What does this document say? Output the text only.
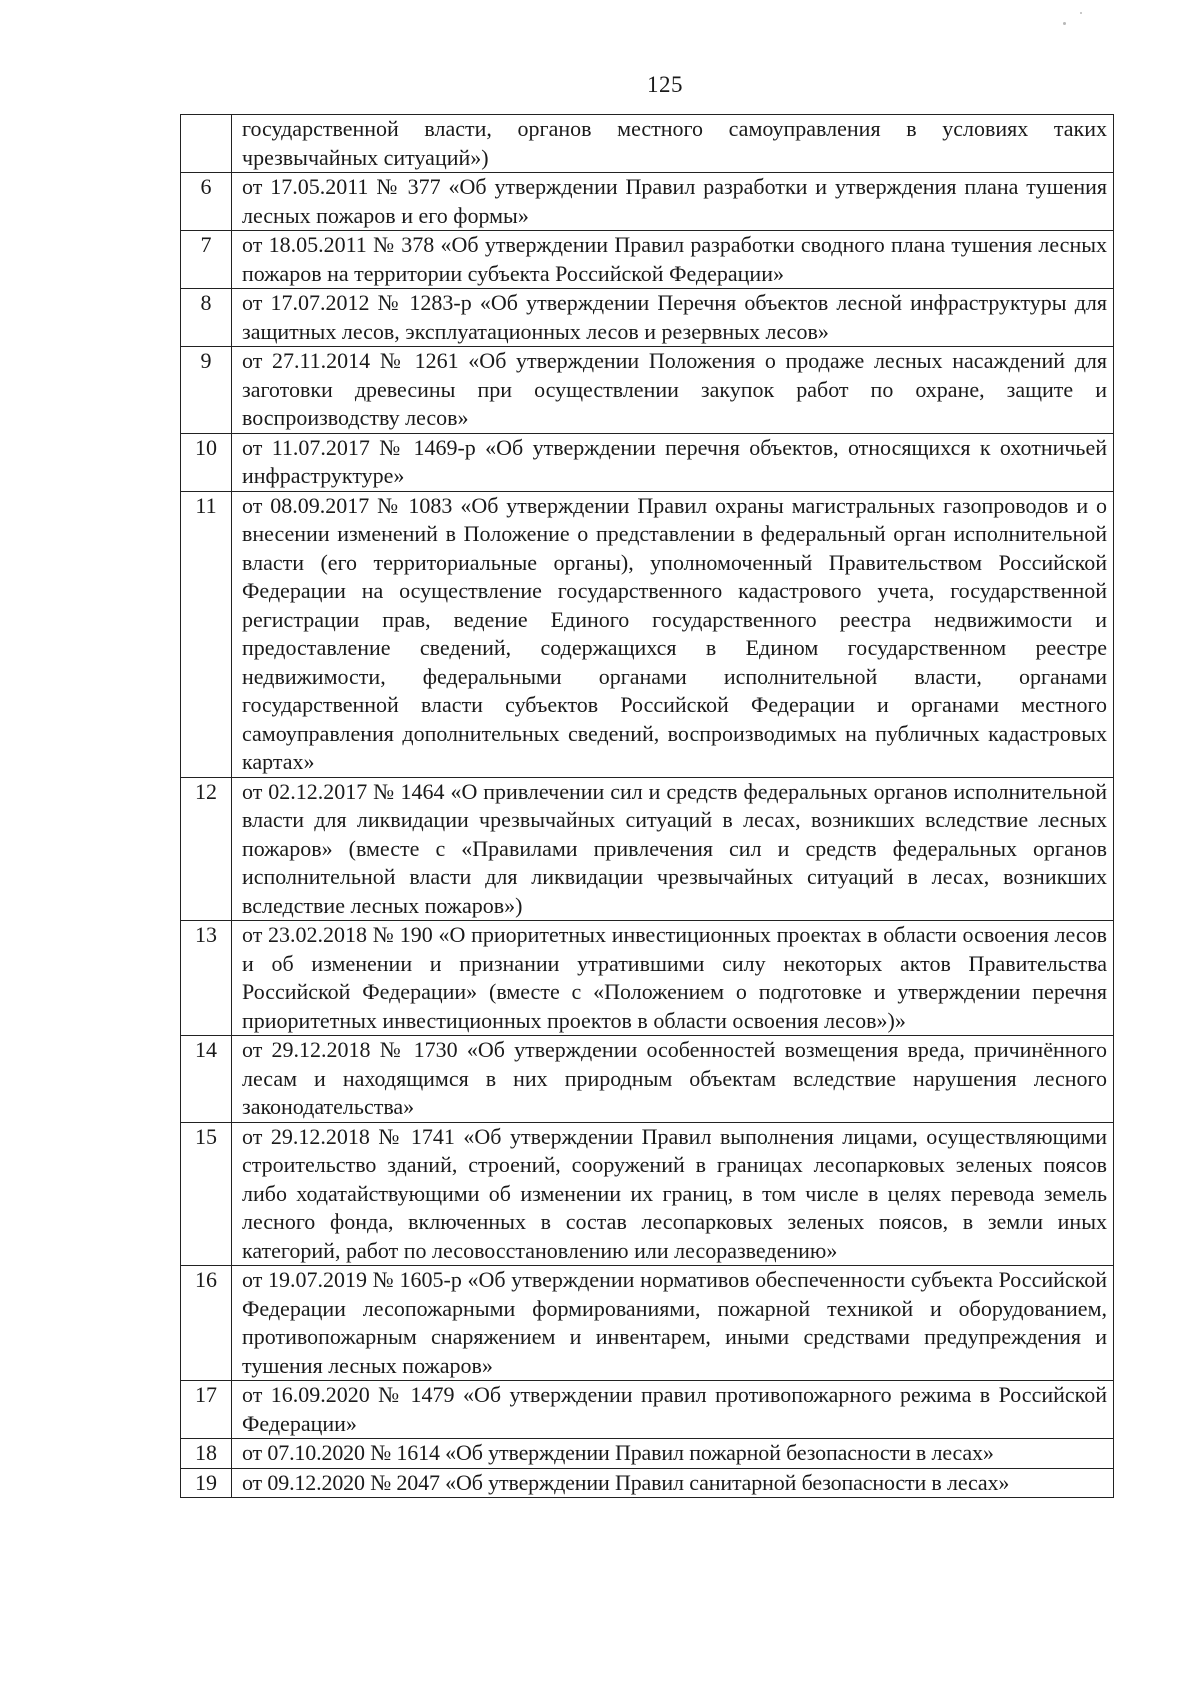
125
	государственной власти, органов местного самоуправления в условиях таких чрезвычайных ситуаций»)
6	от 17.05.2011 № 377 «Об утверждении Правил разработки и утверждения плана тушения лесных пожаров и его формы»
7	от 18.05.2011 № 378 «Об утверждении Правил разработки сводного плана тушения лесных пожаров на территории субъекта Российской Федерации»
8	от 17.07.2012 № 1283-р «Об утверждении Перечня объектов лесной инфраструктуры для защитных лесов, эксплуатационных лесов и резервных лесов»
9	от 27.11.2014 № 1261 «Об утверждении Положения о продаже лесных насаждений для заготовки древесины при осуществлении закупок работ по охране, защите и воспроизводству лесов»
10	от 11.07.2017 № 1469-р «Об утверждении перечня объектов, относящихся к охотничьей инфраструктуре»
11	от 08.09.2017 № 1083 «Об утверждении Правил охраны магистральных газопроводов и о внесении изменений в Положение о представлении в федеральный орган исполнительной власти (его территориальные органы), уполномоченный Правительством Российской Федерации на осуществление государственного кадастрового учета, государственной регистрации прав, ведение Единого государственного реестра недвижимости и предоставление сведений, содержащихся в Едином государственном реестре недвижимости, федеральными органами исполнительной власти, органами государственной власти субъектов Российской Федерации и органами местного самоуправления дополнительных сведений, воспроизводимых на публичных кадастровых картах»
12	от 02.12.2017 № 1464 «О привлечении сил и средств федеральных органов исполнительной власти для ликвидации чрезвычайных ситуаций в лесах, возникших вследствие лесных пожаров» (вместе с «Правилами привлечения сил и средств федеральных органов исполнительной власти для ликвидации чрезвычайных ситуаций в лесах, возникших вследствие лесных пожаров»)
13	от 23.02.2018 № 190 «О приоритетных инвестиционных проектах в области освоения лесов и об изменении и признании утратившими силу некоторых актов Правительства Российской Федерации» (вместе с «Положением о подготовке и утверждении перечня приоритетных инвестиционных проектов в области освоения лесов»)»
14	от 29.12.2018 № 1730 «Об утверждении особенностей возмещения вреда, причинённого лесам и находящимся в них природным объектам вследствие нарушения лесного законодательства»
15	от 29.12.2018 № 1741 «Об утверждении Правил выполнения лицами, осуществляющими строительство зданий, строений, сооружений в границах лесопарковых зеленых поясов либо ходатайствующими об изменении их границ, в том числе в целях перевода земель лесного фонда, включенных в состав лесопарковых зеленых поясов, в земли иных категорий, работ по лесовосстановлению или лесоразведению»
16	от 19.07.2019 № 1605-р «Об утверждении нормативов обеспеченности субъекта Российской Федерации лесопожарными формированиями, пожарной техникой и оборудованием, противопожарным снаряжением и инвентарем, иными средствами предупреждения и тушения лесных пожаров»
17	от 16.09.2020 № 1479 «Об утверждении правил противопожарного режима в Российской Федерации»
18	от 07.10.2020 № 1614 «Об утверждении Правил пожарной безопасности в лесах»
19	от 09.12.2020 № 2047 «Об утверждении Правил санитарной безопасности в лесах»
